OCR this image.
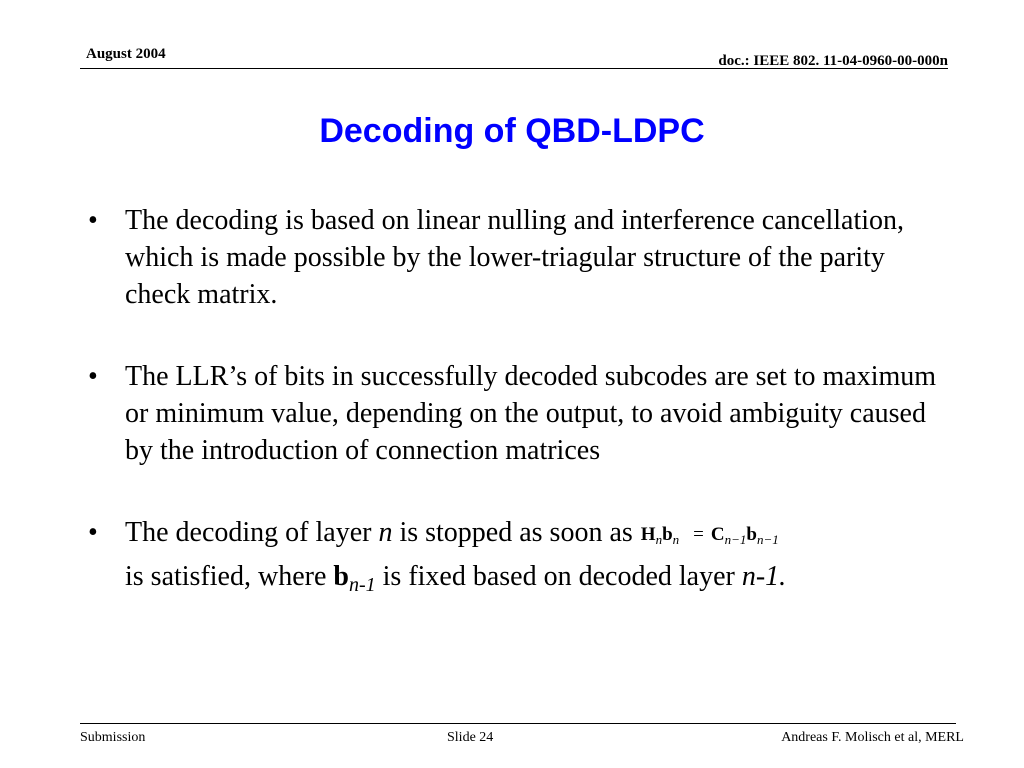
August 2004	doc.: IEEE 802. 11-04-0960-00-000n
Decoding of QBD-LDPC
• The decoding is based on linear nulling and interference cancellation, which is made possible by the lower-triagular structure of the parity check matrix.
• The LLR’s of bits in successfully decoded subcodes are set to maximum or minimum value, depending on the output, to avoid ambiguity caused by the introduction of connection matrices
• The decoding of layer n is stopped as soon as $H_nb_n = C_{n-1}b_{n-1}$
is satisfied, where $b_{n-1}$ is fixed based on decoded layer n-1.
Submission	Slide 24	Andreas F. Molisch et al, MERL
